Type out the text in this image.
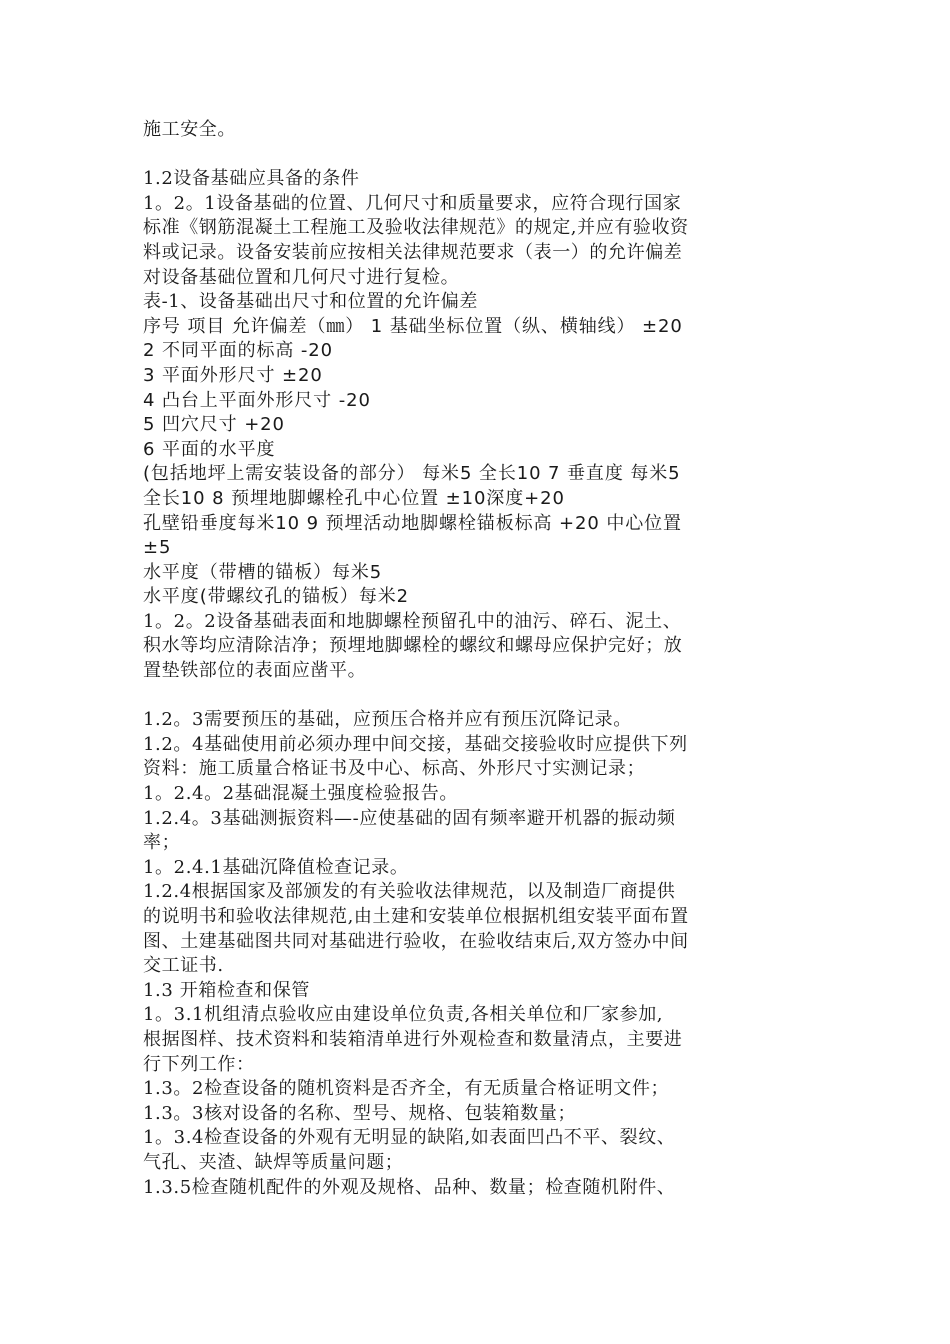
施工安全。
1.2设备基础应具备的条件
1。2。1设备基础的位置、几何尺寸和质量要求，应符合现行国家
标准《钢筋混凝土工程施工及验收法律规范》的规定,并应有验收资
料或记录。设备安装前应按相关法律规范要求（表一）的允许偏差
对设备基础位置和几何尺寸进行复检。
表-1、设备基础出尺寸和位置的允许偏差
序号 项目 允许偏差（㎜） 1 基础坐标位置（纵、横轴线） ±20
2 不同平面的标高 -20
3 平面外形尺寸 ±20
4 凸台上平面外形尺寸 -20
5 凹穴尺寸 +20
6 平面的水平度
(包括地坪上需安装设备的部分） 每米5 全长10 7 垂直度 每米5
全长10 8 预埋地脚螺栓孔中心位置 ±10深度+20
孔壁铅垂度每米10 9 预埋活动地脚螺栓锚板标高 +20 中心位置
±5
水平度（带槽的锚板）每米5
水平度(带螺纹孔的锚板）每米2
1。2。2设备基础表面和地脚螺栓预留孔中的油污、碎石、泥土、
积水等均应清除洁净；预埋地脚螺栓的螺纹和螺母应保护完好；放
置垫铁部位的表面应凿平。
1.2。3需要预压的基础，应预压合格并应有预压沉降记录。
1.2。4基础使用前必须办理中间交接，基础交接验收时应提供下列
资料：施工质量合格证书及中心、标高、外形尺寸实测记录；
1。2.4。2基础混凝土强度检验报告。
1.2.4。3基础测振资料—-应使基础的固有频率避开机器的振动频
率；
1。2.4.1基础沉降值检查记录。
1.2.4根据国家及部颁发的有关验收法律规范，以及制造厂商提供
的说明书和验收法律规范,由土建和安装单位根据机组安装平面布置
图、土建基础图共同对基础进行验收，在验收结束后,双方签办中间
交工证书.
1.3 开箱检查和保管
1。3.1机组清点验收应由建设单位负责,各相关单位和厂家参加,
根据图样、技术资料和装箱清单进行外观检查和数量清点，主要进
行下列工作：
1.3。2检查设备的随机资料是否齐全，有无质量合格证明文件；
1.3。3核对设备的名称、型号、规格、包装箱数量；
1。3.4检查设备的外观有无明显的缺陷,如表面凹凸不平、裂纹、
气孔、夹渣、缺焊等质量问题；
1.3.5检查随机配件的外观及规格、品种、数量；检查随机附件、
